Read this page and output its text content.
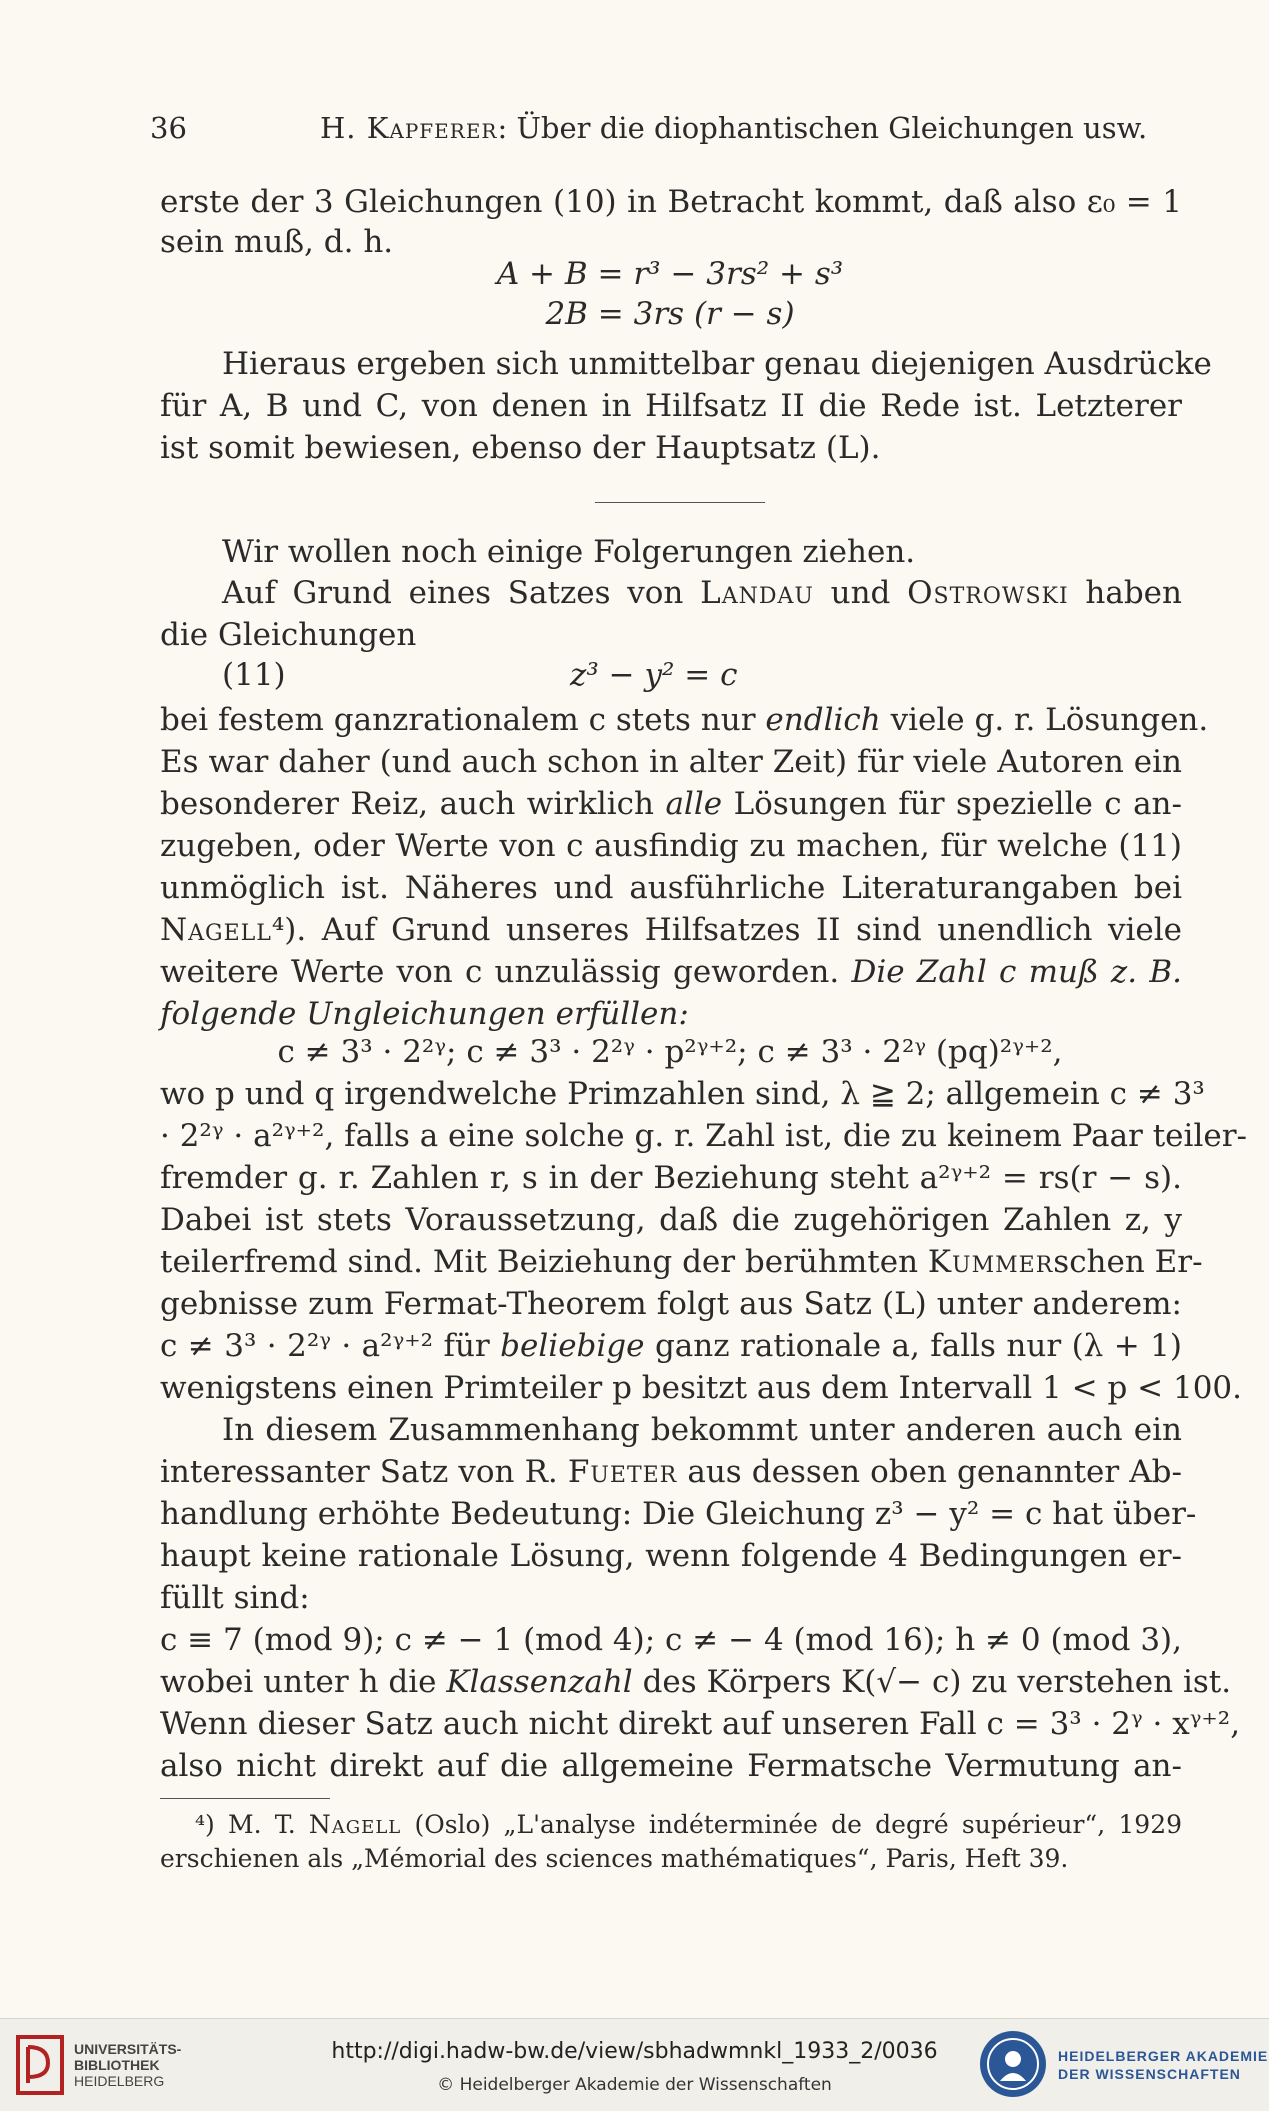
36	H. Kapferer: Über die diophantischen Gleichungen usw.
erste der 3 Gleichungen (10) in Betracht kommt, daß also ε₀ = 1
sein muß, d. h.
A + B = r³ − 3rs² + s³
2B = 3rs (r − s)
Hieraus ergeben sich unmittelbar genau diejenigen Ausdrücke
für A, B und C, von denen in Hilfsatz II die Rede ist. Letzterer
ist somit bewiesen, ebenso der Hauptsatz (L).
Wir wollen noch einige Folgerungen ziehen.
Auf Grund eines Satzes von Landau und Ostrowski haben
die Gleichungen
(11)	z³ − y² = c
bei festem ganzrationalem c stets nur endlich viele g. r. Lösungen.
Es war daher (und auch schon in alter Zeit) für viele Autoren ein
besonderer Reiz, auch wirklich alle Lösungen für spezielle c an-
zugeben, oder Werte von c ausfindig zu machen, für welche (11)
unmöglich ist. Näheres und ausführliche Literaturangaben bei
Nagell⁴). Auf Grund unseres Hilfsatzes II sind unendlich viele
weitere Werte von c unzulässig geworden. Die Zahl c muß z. B.
folgende Ungleichungen erfüllen:
c ≠ 3³ · 2²ᵞ; c ≠ 3³ · 2²ᵞ · p²ᵞ⁺²; c ≠ 3³ · 2²ᵞ (pq)²ᵞ⁺²,
wo p und q irgendwelche Primzahlen sind, λ ≧ 2; allgemein c ≠ 3³
· 2²ᵞ · a²ᵞ⁺², falls a eine solche g. r. Zahl ist, die zu keinem Paar teiler-
fremder g. r. Zahlen r, s in der Beziehung steht a²ᵞ⁺² = rs(r − s).
Dabei ist stets Voraussetzung, daß die zugehörigen Zahlen z, y
teilerfremd sind. Mit Beiziehung der berühmten Kummerschen Er-
gebnisse zum Fermat-Theorem folgt aus Satz (L) unter anderem:
c ≠ 3³ · 2²ᵞ · a²ᵞ⁺² für beliebige ganz rationale a, falls nur (λ + 1)
wenigstens einen Primteiler p besitzt aus dem Intervall 1 < p < 100.
In diesem Zusammenhang bekommt unter anderen auch ein
interessanter Satz von R. Fueter aus dessen oben genannter Ab-
handlung erhöhte Bedeutung: Die Gleichung z³ − y² = c hat über-
haupt keine rationale Lösung, wenn folgende 4 Bedingungen er-
füllt sind:
c ≡ 7 (mod 9); c ≠ − 1 (mod 4); c ≠ − 4 (mod 16); h ≠ 0 (mod 3),
wobei unter h die Klassenzahl des Körpers K(√− c) zu verstehen ist.
Wenn dieser Satz auch nicht direkt auf unseren Fall c = 3³ · 2ᵞ · xᵞ⁺²,
also nicht direkt auf die allgemeine Fermatsche Vermutung an-
⁴) M. T. Nagell (Oslo) „L'analyse indéterminée de degré supérieur“, 1929
erschienen als „Mémorial des sciences mathématiques“, Paris, Heft 39.
UNIVERSITÄTS-
BIBLIOTHEK
HEIDELBERG
http://digi.hadw-bw.de/view/sbhadwmnkl_1933_2/0036
© Heidelberger Akademie der Wissenschaften
HEIDELBERGER AKADEMIE
DER WISSENSCHAFTEN
